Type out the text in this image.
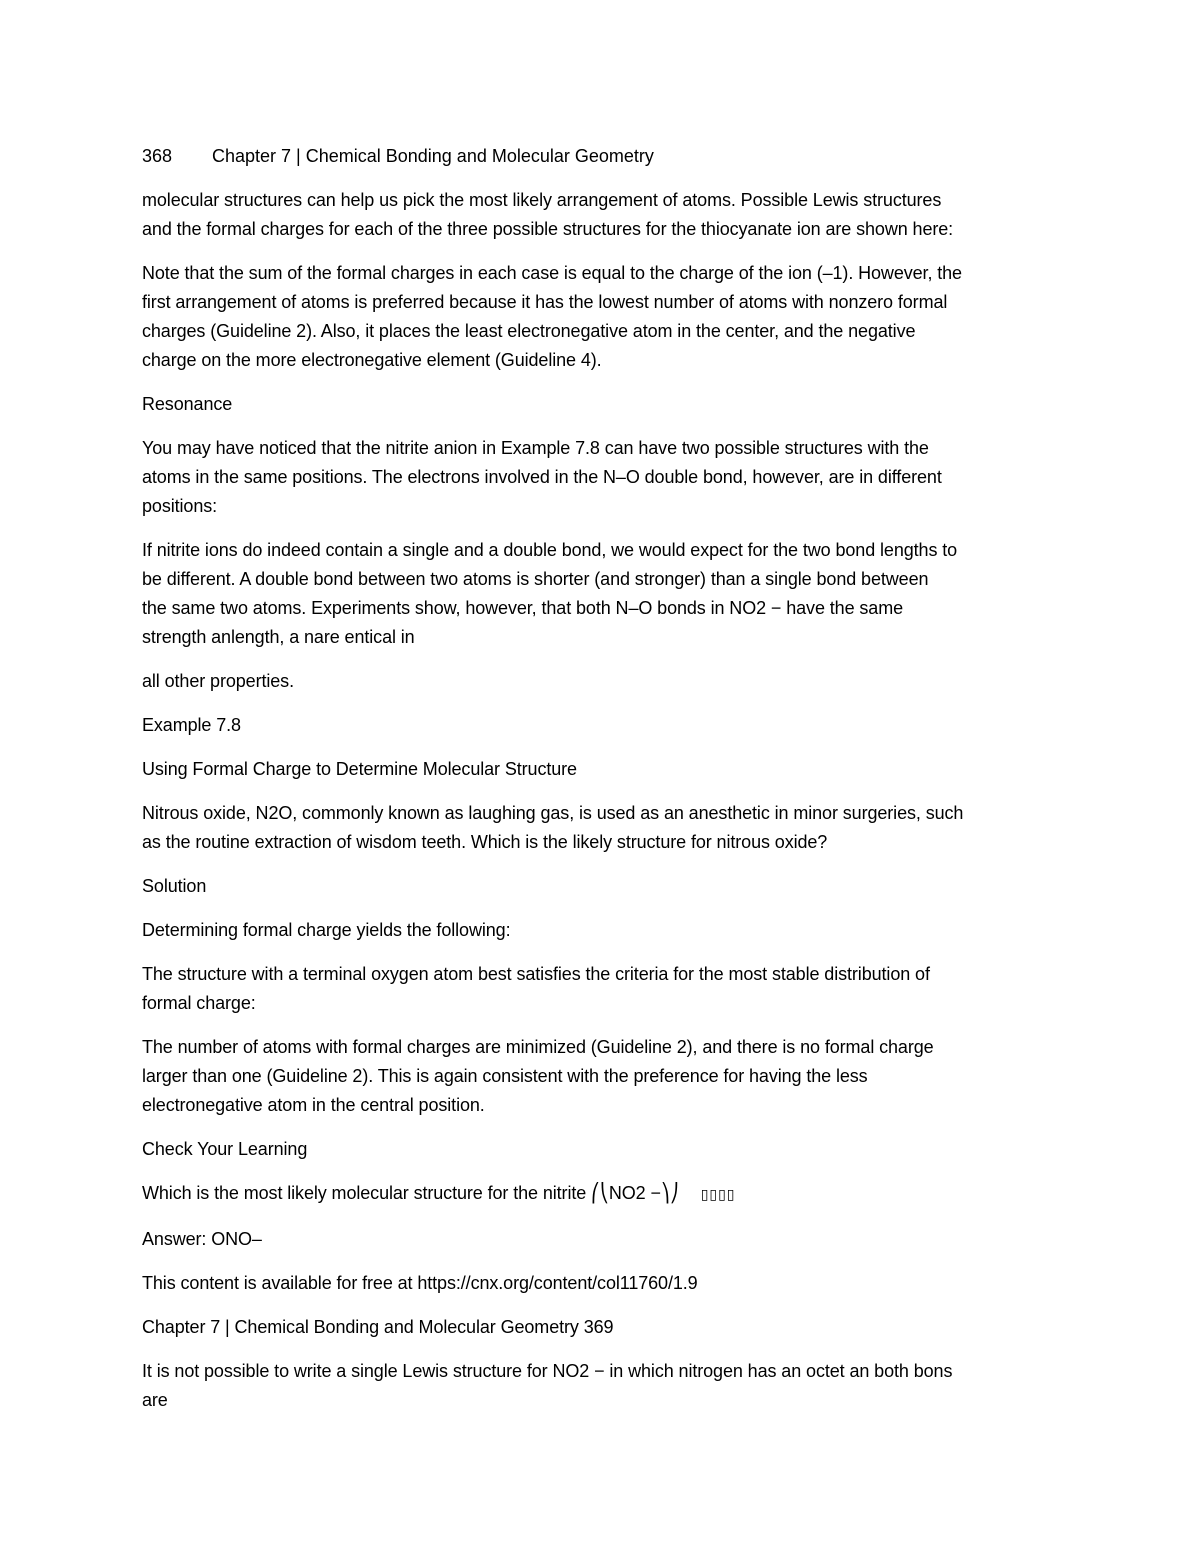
368	Chapter 7 | Chemical Bonding and Molecular Geometry

molecular structures can help us pick the most likely arrangement of atoms. Possible Lewis structures

and the formal charges for each of the three possible structures for the thiocyanate ion are shown here:

Note that the sum of the formal charges in each case is equal to the charge of the ion (–1). However, the

first arrangement of atoms is preferred because it has the lowest number of atoms with nonzero formal

charges (Guideline 2). Also, it places the least electronegative atom in the center, and the negative

charge on the more electronegative element (Guideline 4).

Resonance

You may have noticed that the nitrite anion in Example 7.8 can have two possible structures with the

atoms in the same positions. The electrons involved in the N–O double bond, however, are in different

positions:

If nitrite ions do indeed contain a single and a double bond, we would expect for the two bond lengths to

be different. A double bond between two atoms is shorter (and stronger) than a single bond between

the same two atoms. Experiments show, however, that both N–O bonds in NO2 − have the same

strength anlength, a nare entical in

all other properties.

Example 7.8

Using Formal Charge to Determine Molecular Structure

Nitrous oxide, N2O, commonly known as laughing gas, is used as an anesthetic in minor surgeries, such

as the routine extraction of wisdom teeth. Which is the likely structure for nitrous oxide?

Solution

Determining formal charge yields the following:

The structure with a terminal oxygen atom best satisfies the criteria for the most stable distribution of

formal charge:

The number of atoms with formal charges are minimized (Guideline 2), and there is no formal charge

larger than one (Guideline 2). This is again consistent with the preference for having the less

electronegative atom in the central position.

Check Your Learning

Which is the most likely molecular structure for the nitrite ⎛⎝NO2 −⎞⎠ ▯▯▯▯

Answer: ONO–

This content is available for free at https://cnx.org/content/col11760/1.9

Chapter 7 | Chemical Bonding and Molecular Geometry 369

It is not possible to write a single Lewis structure for NO2 − in which nitrogen has an octet an both bons

are
